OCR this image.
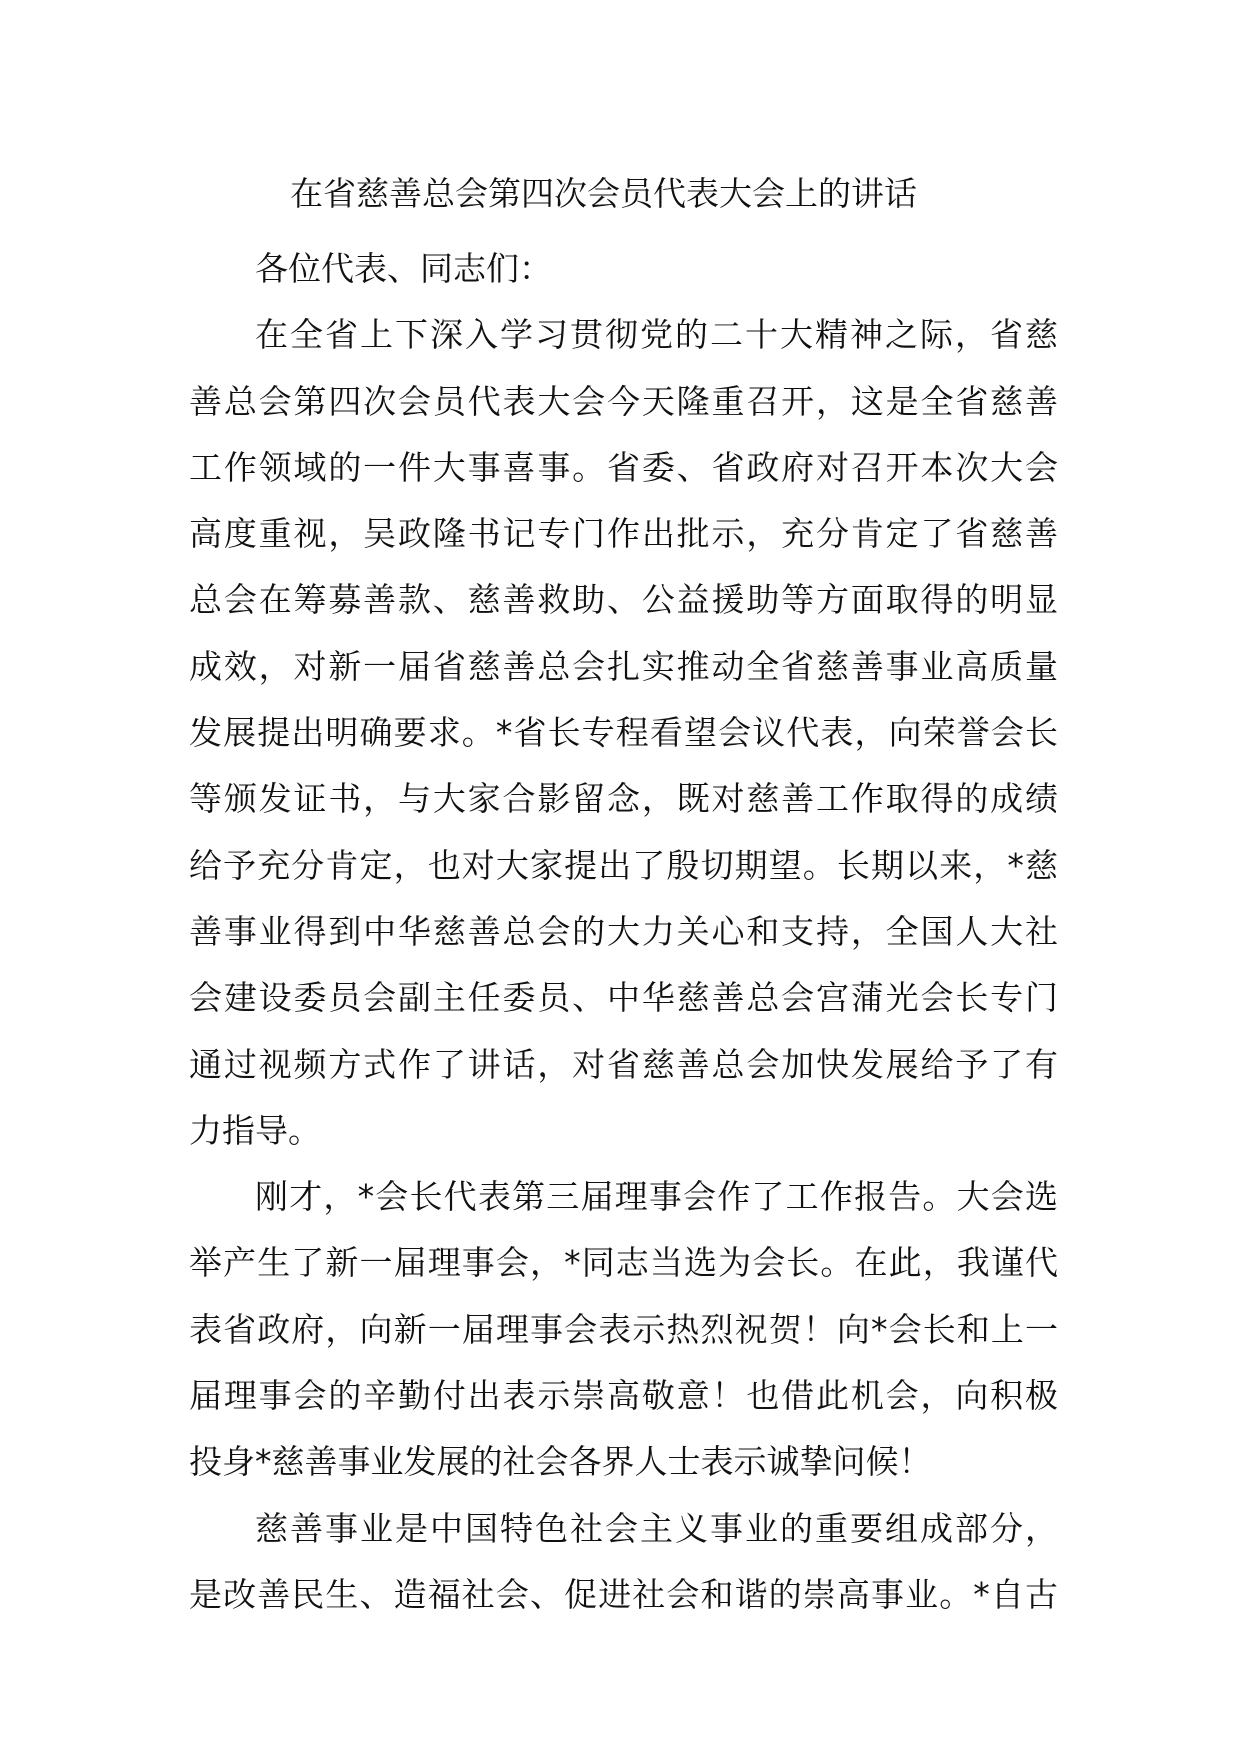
在省慈善总会第四次会员代表大会上的讲话

各位代表、同志们：

在全省上下深入学习贯彻党的二十大精神之际，省慈
善总会第四次会员代表大会今天隆重召开，这是全省慈善
工作领域的一件大事喜事。省委、省政府对召开本次大会
高度重视，吴政隆书记专门作出批示，充分肯定了省慈善
总会在筹募善款、慈善救助、公益援助等方面取得的明显
成效，对新一届省慈善总会扎实推动全省慈善事业高质量
发展提出明确要求。*省长专程看望会议代表，向荣誉会长
等颁发证书，与大家合影留念，既对慈善工作取得的成绩
给予充分肯定，也对大家提出了殷切期望。长期以来，*慈
善事业得到中华慈善总会的大力关心和支持，全国人大社
会建设委员会副主任委员、中华慈善总会宫蒲光会长专门
通过视频方式作了讲话，对省慈善总会加快发展给予了有
力指导。

刚才，*会长代表第三届理事会作了工作报告。大会选
举产生了新一届理事会，*同志当选为会长。在此，我谨代
表省政府，向新一届理事会表示热烈祝贺！向*会长和上一
届理事会的辛勤付出表示崇高敬意！也借此机会，向积极
投身*慈善事业发展的社会各界人士表示诚挚问候！

慈善事业是中国特色社会主义事业的重要组成部分，
是改善民生、造福社会、促进社会和谐的崇高事业。*自古
